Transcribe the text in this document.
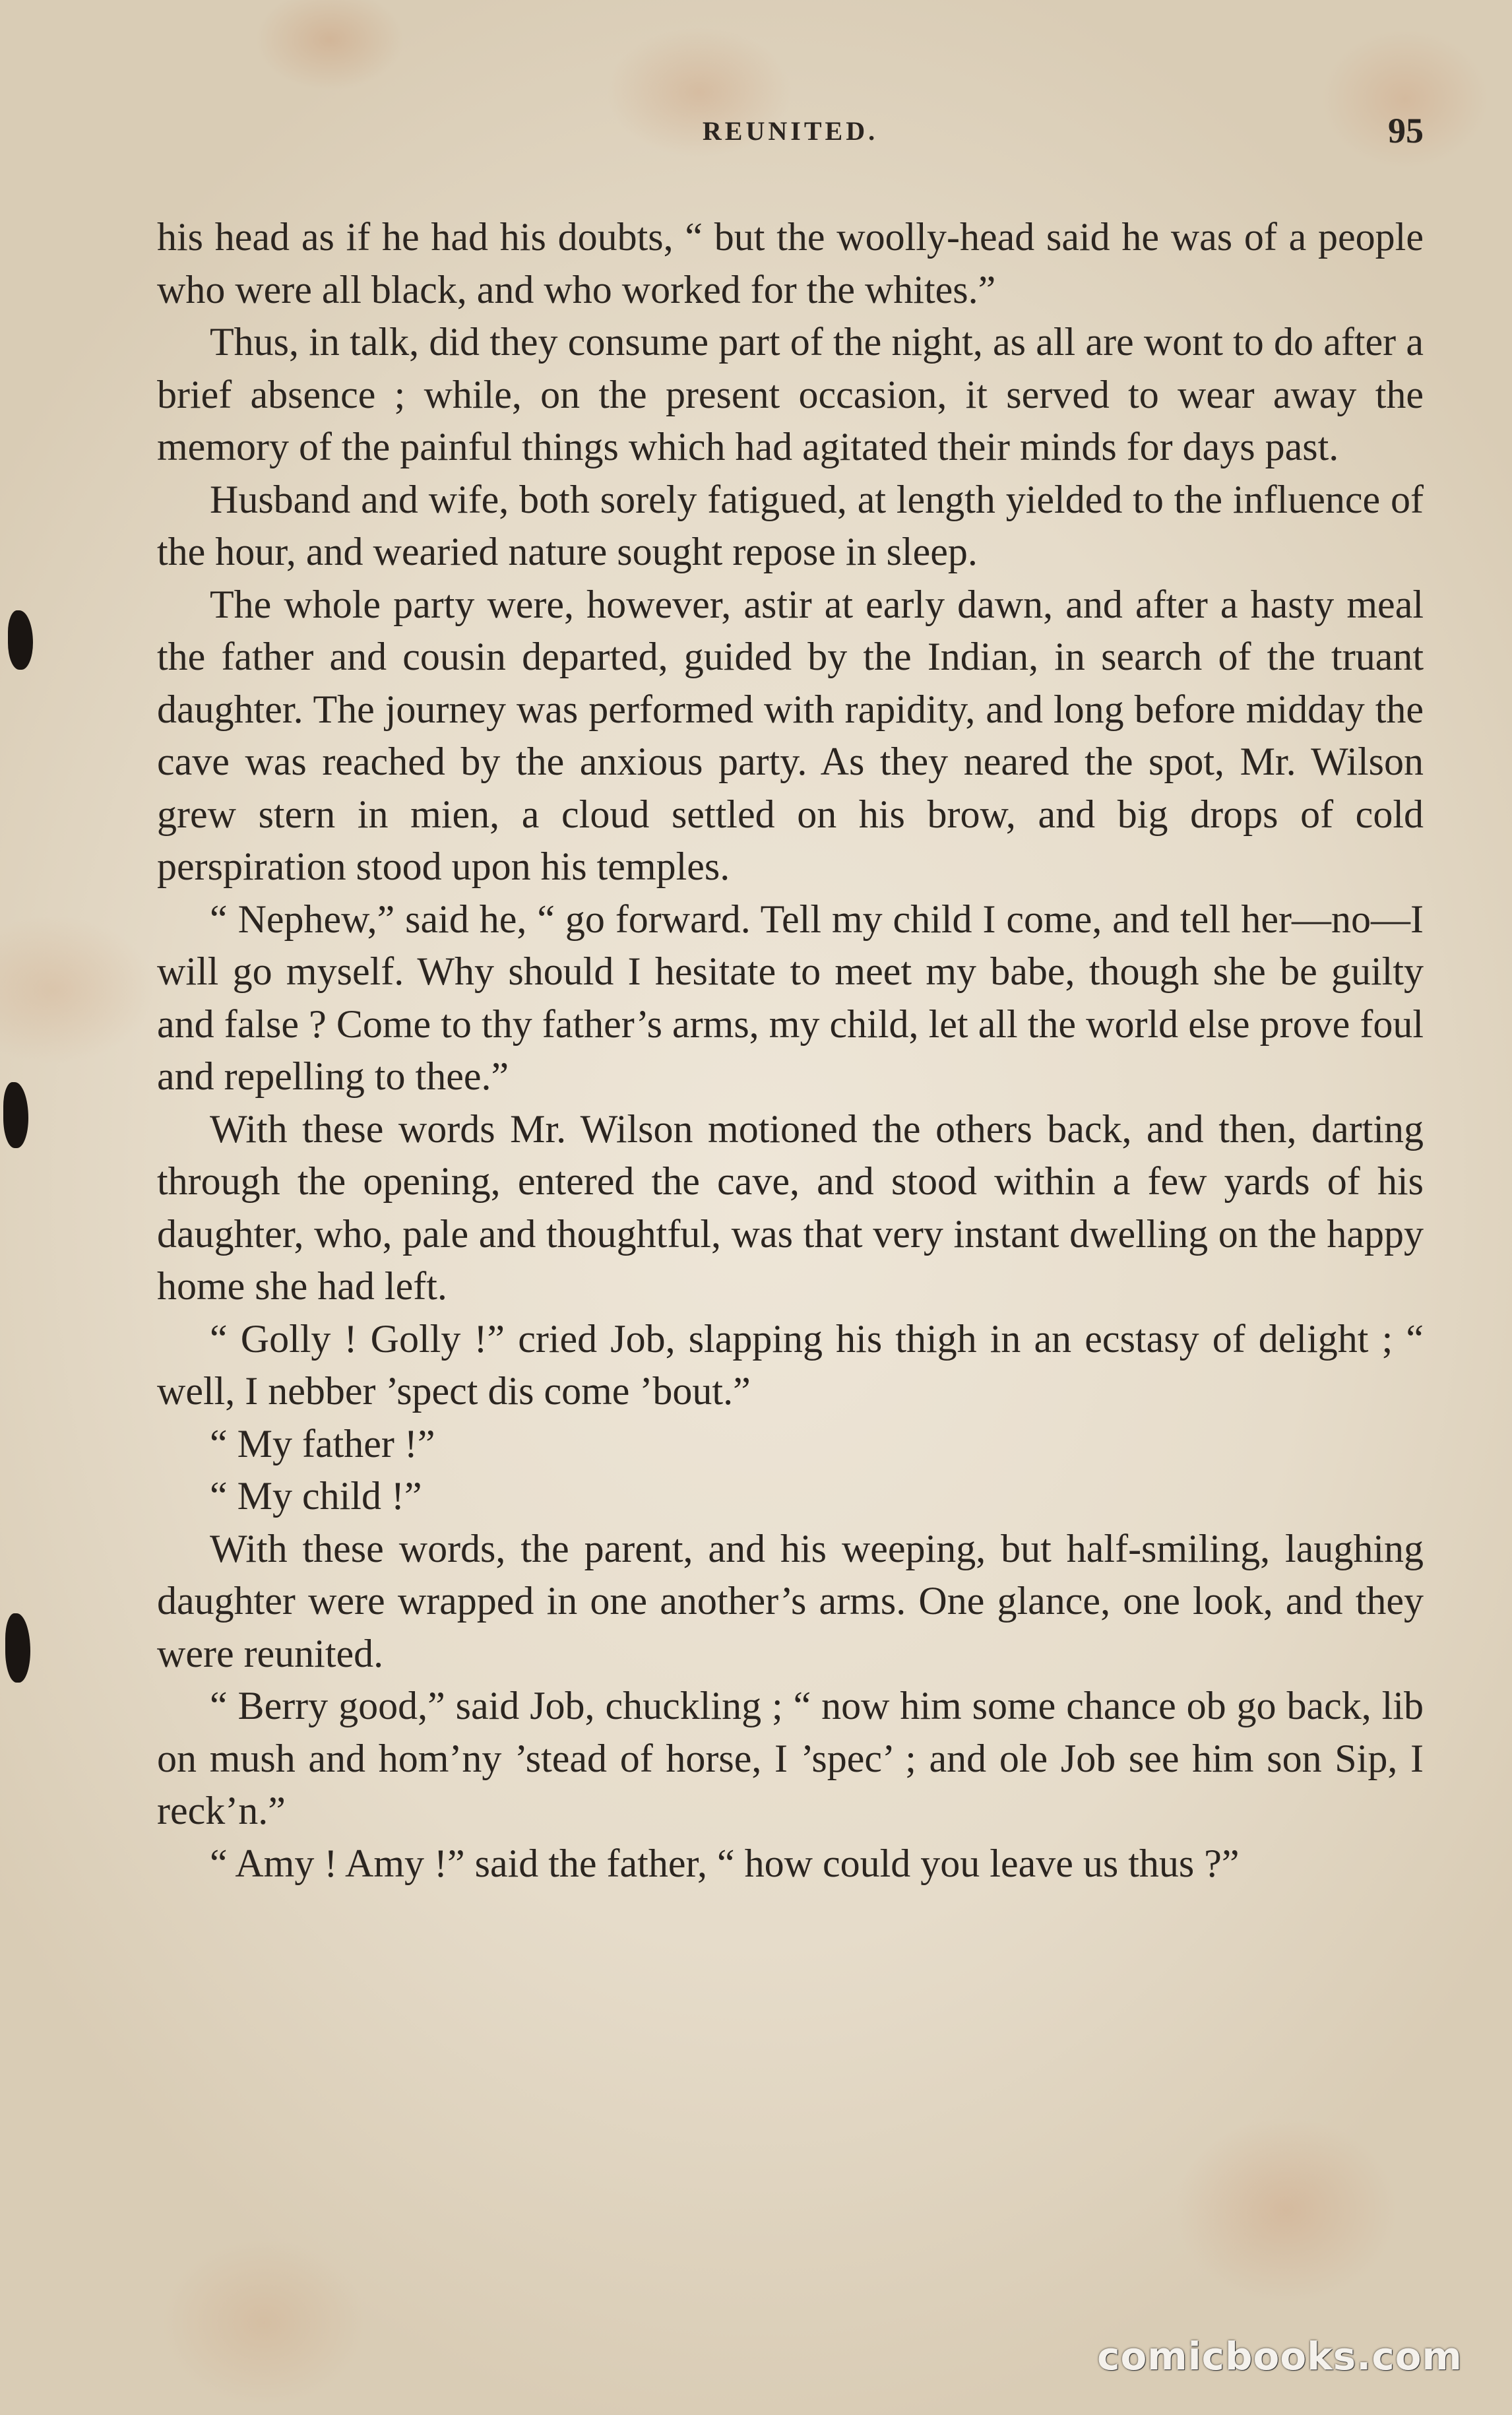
REUNITED.	95

his head as if he had his doubts, “ but the woolly-head said he was of a people who were all black, and who worked for the whites.”

Thus, in talk, did they consume part of the night, as all are wont to do after a brief absence ; while, on the present occasion, it served to wear away the memory of the painful things which had agitated their minds for days past.

Husband and wife, both sorely fatigued, at length yielded to the influence of the hour, and wearied nature sought repose in sleep.

The whole party were, however, astir at early dawn, and after a hasty meal the father and cousin departed, guided by the Indian, in search of the truant daughter. The journey was performed with rapidity, and long before midday the cave was reached by the anxious party. As they neared the spot, Mr. Wilson grew stern in mien, a cloud settled on his brow, and big drops of cold perspiration stood upon his temples.

“ Nephew,” said he, “ go forward. Tell my child I come, and tell her—no—I will go myself. Why should I hesitate to meet my babe, though she be guilty and false ? Come to thy father’s arms, my child, let all the world else prove foul and repelling to thee.”

With these words Mr. Wilson motioned the others back, and then, darting through the opening, entered the cave, and stood within a few yards of his daughter, who, pale and thoughtful, was that very instant dwelling on the happy home she had left.

“ Golly ! Golly !” cried Job, slapping his thigh in an ecstasy of delight ; “ well, I nebber ’spect dis come ’bout.”

“ My father !”

“ My child !”

With these words, the parent, and his weeping, but half-smiling, laughing daughter were wrapped in one another’s arms. One glance, one look, and they were reunited.

“ Berry good,” said Job, chuckling ; “ now him some chance ob go back, lib on mush and hom’ny ’stead of horse, I ’spec’ ; and ole Job see him son Sip, I reck’n.”

“ Amy ! Amy !” said the father, “ how could you leave us thus ?”

comicbooks.com
